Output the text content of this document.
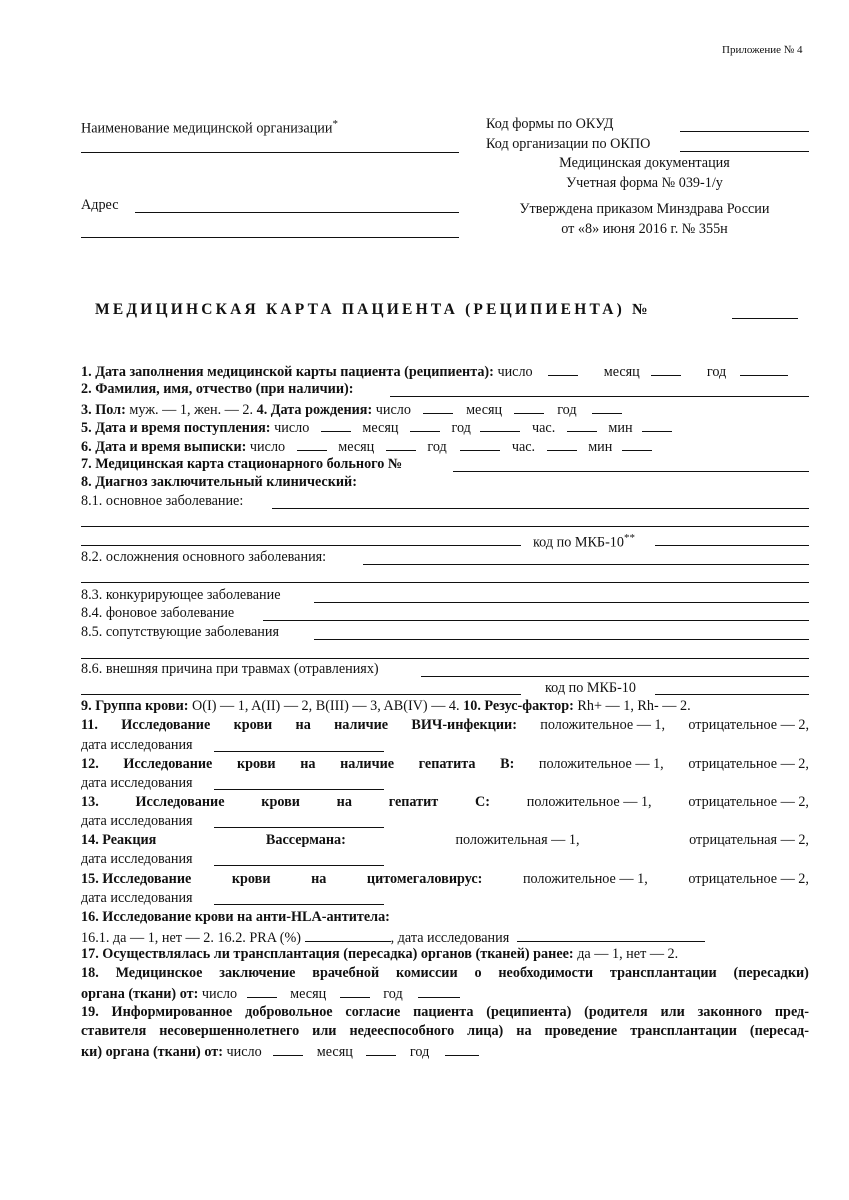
Приложение № 4
Наименование медицинской организации*
Адрес
Код формы по ОКУД
Код организации по ОКПО
Медицинская документация
Учетная форма № 039-1/у
Утверждена приказом Минздрава России
от «8» июня 2016 г. № 355н
МЕДИЦИНСКАЯ КАРТА ПАЦИЕНТА (РЕЦИПИЕНТА) №
1. Дата заполнения медицинской карты пациента (реципиента): число	месяц	год
2. Фамилия, имя, отчество (при наличии):
3. Пол: муж. — 1, жен. — 2. 4. Дата рождения: число	месяц	год
5. Дата и время поступления: число	месяц	год	час.	мин
6. Дата и время выписки: число	месяц	год	час.	мин
7. Медицинская карта стационарного больного №
8. Диагноз заключительный клинический:
8.1. основное заболевание:
код по МКБ-10**
8.2. осложнения основного заболевания:
8.3. конкурирующее заболевание
8.4. фоновое заболевание
8.5. сопутствующие заболевания
8.6. внешняя причина при травмах (отравлениях)
код по МКБ-10
9. Группа крови: O(I) — 1, A(II) — 2, B(III) — 3, AB(IV) — 4. 10. Резус-фактор: Rh+ — 1, Rh- — 2.
11. Исследование крови на наличие ВИЧ-инфекции: положительное — 1, отрицательное — 2,
дата исследования
12. Исследование крови на наличие гепатита B: положительное — 1, отрицательное — 2,
дата исследования
13.	Исследование	крови	на	гепатит	C:	положительное — 1,	отрицательное — 2,
дата исследования
14. Реакция	Вассермана:	положительная — 1,	отрицательная — 2,
дата исследования
15. Исследование	крови	на	цитомегаловирус:	положительное — 1,	отрицательное — 2,
дата исследования
16. Исследование крови на анти-HLA-антитела:
16.1. да — 1, нет — 2. 16.2. PRA (%)	, дата исследования
17. Осуществлялась ли трансплантация (пересадка) органов (тканей) ранее: да — 1, нет — 2.
18. Медицинское заключение врачебной комиссии о необходимости трансплантации (пересадки)
органа (ткани) от: число	месяц	год
19. Информированное добровольное согласие пациента (реципиента) (родителя или законного пред-
ставителя несовершеннолетнего или недееспособного лица) на проведение трансплантации (пересад-
ки) органа (ткани) от: число	месяц	год
